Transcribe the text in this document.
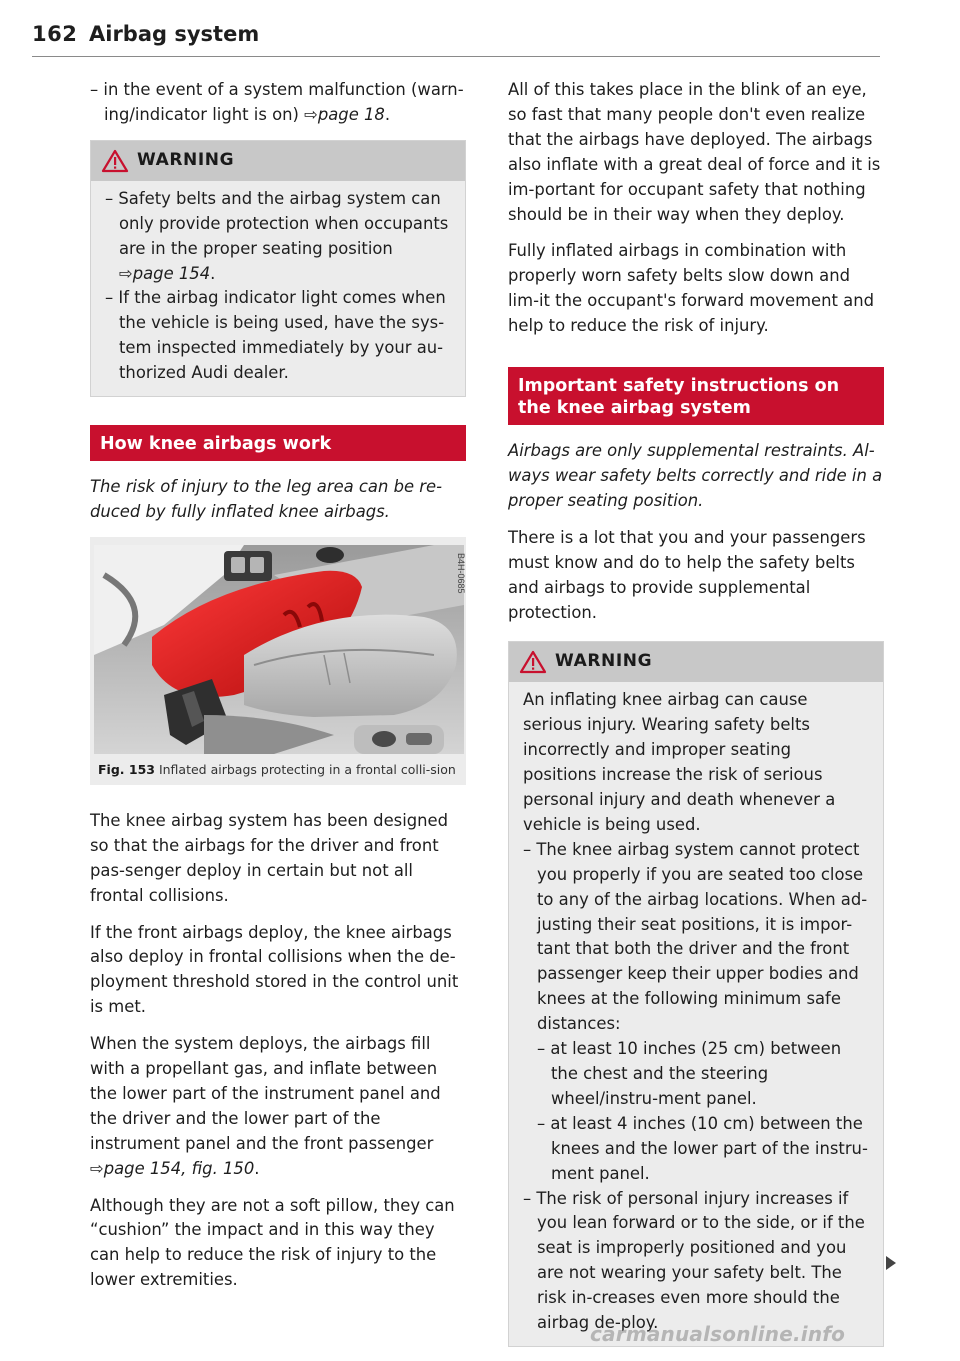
162 Airbag system

– in the event of a system malfunction (warn-ing/indicator light is on) ⇨page 18.

WARNING

– Safety belts and the airbag system can only provide protection when occupants are in the proper seating position ⇨page 154.

– If the airbag indicator light comes when the vehicle is being used, have the sys-tem inspected immediately by your au-thorized Audi dealer.

How knee airbags work

The risk of injury to the leg area can be re-duced by fully inflated knee airbags.

B4H-0685
Fig. 153 Inflated airbags protecting in a frontal colli-sion

The knee airbag system has been designed so that the airbags for the driver and front pas-senger deploy in certain but not all frontal collisions.

If the front airbags deploy, the knee airbags also deploy in frontal collisions when the de-ployment threshold stored in the control unit is met.

When the system deploys, the airbags fill with a propellant gas, and inflate between the lower part of the instrument panel and the driver and the lower part of the instrument panel and the front passenger ⇨page 154, fig. 150.

Although they are not a soft pillow, they can “cushion” the impact and in this way they can help to reduce the risk of injury to the lower extremities.

All of this takes place in the blink of an eye, so fast that many people don't even realize that the airbags have deployed. The airbags also inflate with a great deal of force and it is im-portant for occupant safety that nothing should be in their way when they deploy.

Fully inflated airbags in combination with properly worn safety belts slow down and lim-it the occupant's forward movement and help to reduce the risk of injury.

Important safety instructions on the knee airbag system

Airbags are only supplemental restraints. Al-ways wear safety belts correctly and ride in a proper seating position.

There is a lot that you and your passengers must know and do to help the safety belts and airbags to provide supplemental protection.

WARNING

An inflating knee airbag can cause serious injury. Wearing safety belts incorrectly and improper seating positions increase the risk of serious personal injury and death whenever a vehicle is being used.

– The knee airbag system cannot protect you properly if you are seated too close to any of the airbag locations. When ad-justing their seat positions, it is impor-tant that both the driver and the front passenger keep their upper bodies and knees at the following minimum safe distances:

– at least 10 inches (25 cm) between the chest and the steering wheel/instru-ment panel.

– at least 4 inches (10 cm) between the knees and the lower part of the instru-ment panel.

– The risk of personal injury increases if you lean forward or to the side, or if the seat is improperly positioned and you are not wearing your safety belt. The risk in-creases even more should the airbag de-ploy.

carmanualsonline.info
